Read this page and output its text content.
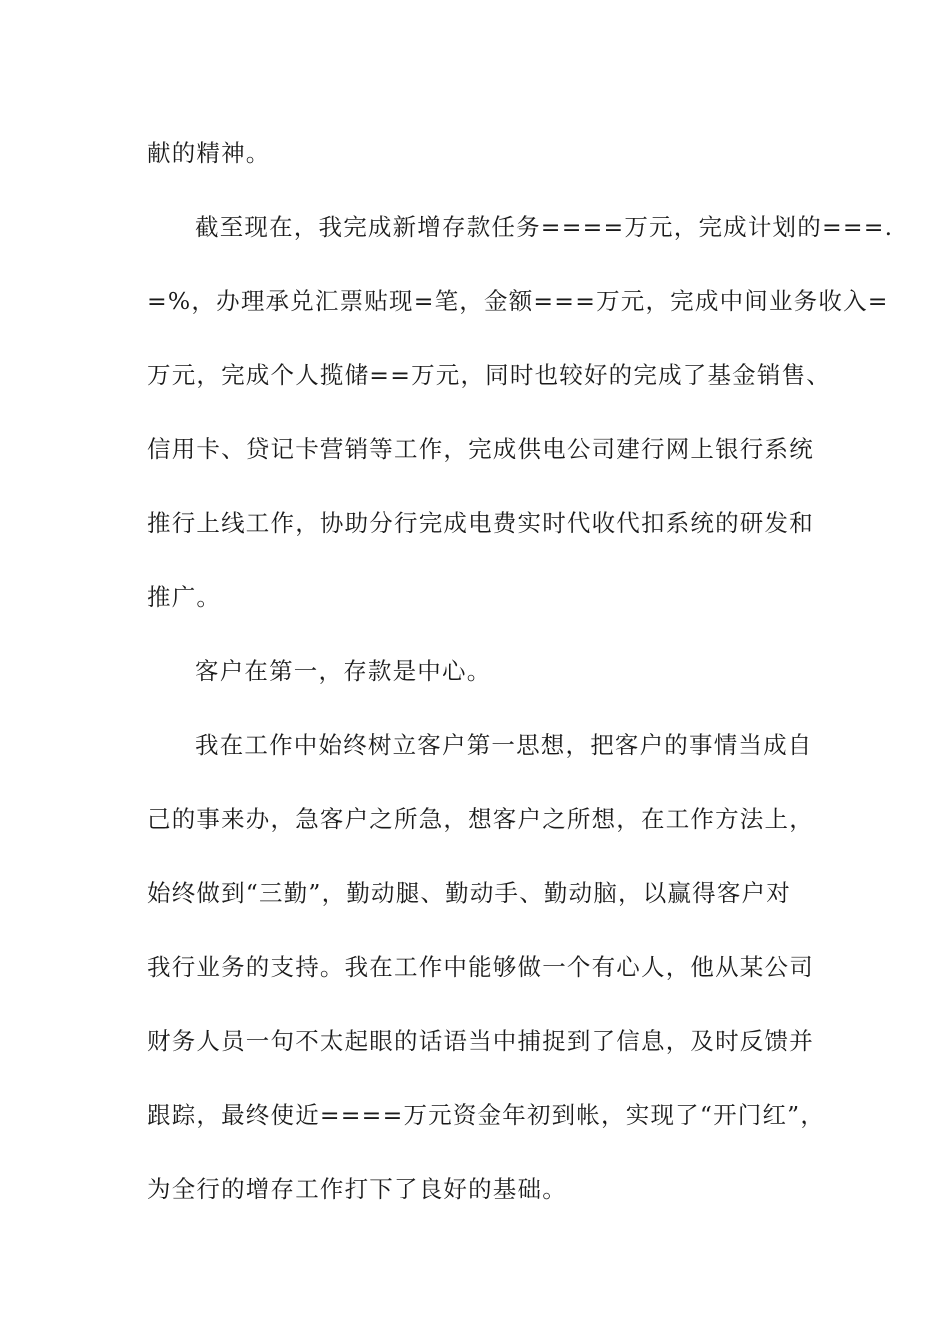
献的精神。
截至现在，我完成新增存款任务====万元，完成计划的===.
=%，办理承兑汇票贴现=笔，金额===万元，完成中间业务收入=
万元，完成个人揽储==万元，同时也较好的完成了基金销售、
信用卡、贷记卡营销等工作，完成供电公司建行网上银行系统
推行上线工作，协助分行完成电费实时代收代扣系统的研发和
推广。
客户在第一，存款是中心。
我在工作中始终树立客户第一思想，把客户的事情当成自
己的事来办，急客户之所急，想客户之所想，在工作方法上，
始终做到“三勤”，勤动腿、勤动手、勤动脑，以赢得客户对
我行业务的支持。我在工作中能够做一个有心人，他从某公司
财务人员一句不太起眼的话语当中捕捉到了信息，及时反馈并
跟踪，最终使近====万元资金年初到帐，实现了“开门红”，
为全行的增存工作打下了良好的基础。
